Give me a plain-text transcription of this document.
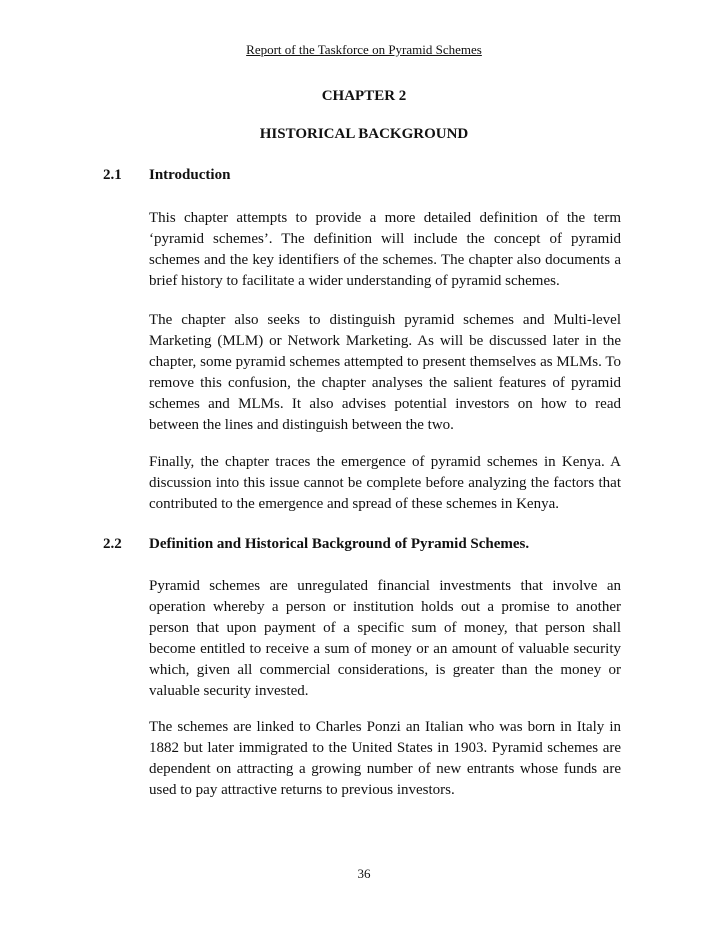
Report of the Taskforce on Pyramid Schemes
CHAPTER 2
HISTORICAL BACKGROUND
2.1 Introduction

This chapter attempts to provide a more detailed definition of the term ‘pyramid schemes’. The definition will include the concept of pyramid schemes and the key identifiers of the schemes. The chapter also documents a brief history to facilitate a wider understanding of pyramid schemes.

The chapter also seeks to distinguish pyramid schemes and Multi-level Marketing (MLM) or Network Marketing. As will be discussed later in the chapter, some pyramid schemes attempted to present themselves as MLMs. To remove this confusion, the chapter analyses the salient features of pyramid schemes and MLMs. It also advises potential investors on how to read between the lines and distinguish between the two.

Finally, the chapter traces the emergence of pyramid schemes in Kenya. A discussion into this issue cannot be complete before analyzing the factors that contributed to the emergence and spread of these schemes in Kenya.

2.2 Definition and Historical Background of Pyramid Schemes.

Pyramid schemes are unregulated financial investments that involve an operation whereby a person or institution holds out a promise to another person that upon payment of a specific sum of money, that person shall become entitled to receive a sum of money or an amount of valuable security which, given all commercial considerations, is greater than the money or valuable security invested.

The schemes are linked to Charles Ponzi an Italian who was born in Italy in 1882 but later immigrated to the United States in 1903. Pyramid schemes are dependent on attracting a growing number of new entrants whose funds are used to pay attractive returns to previous investors.

36
